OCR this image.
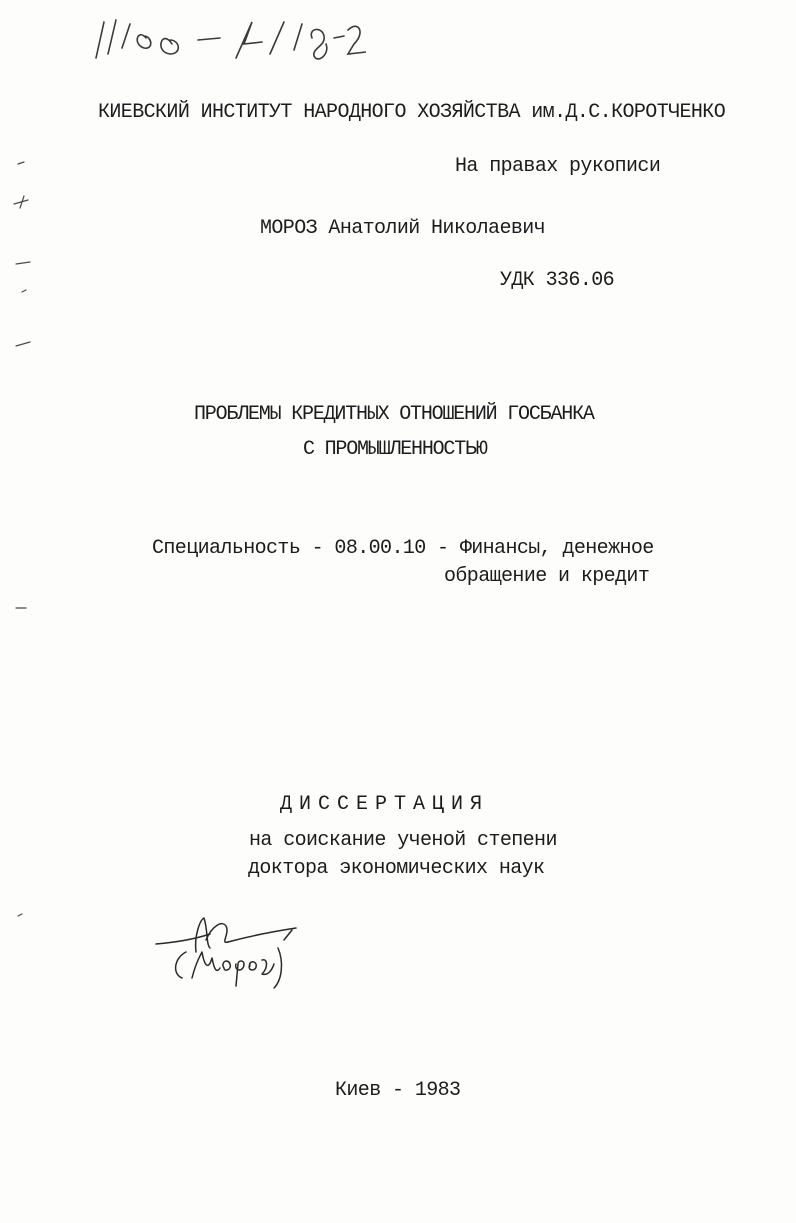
КИЕВСКИЙ ИНСТИТУТ НАРОДНОГО ХОЗЯЙСТВА им.Д.С.КОРОТЧЕНКО
На правах рукописи
МОРОЗ Анатолий Николаевич
УДК 336.06
ПРОБЛЕМЫ КРЕДИТНЫХ ОТНОШЕНИЙ ГОСБАНКА
С ПРОМЫШЛЕННОСТЬЮ
Специальность - 08.00.10 - Финансы, денежное
обращение и кредит
ДИССЕРТАЦИЯ
на соискание ученой степени
доктора экономических наук
Киев - 1983
